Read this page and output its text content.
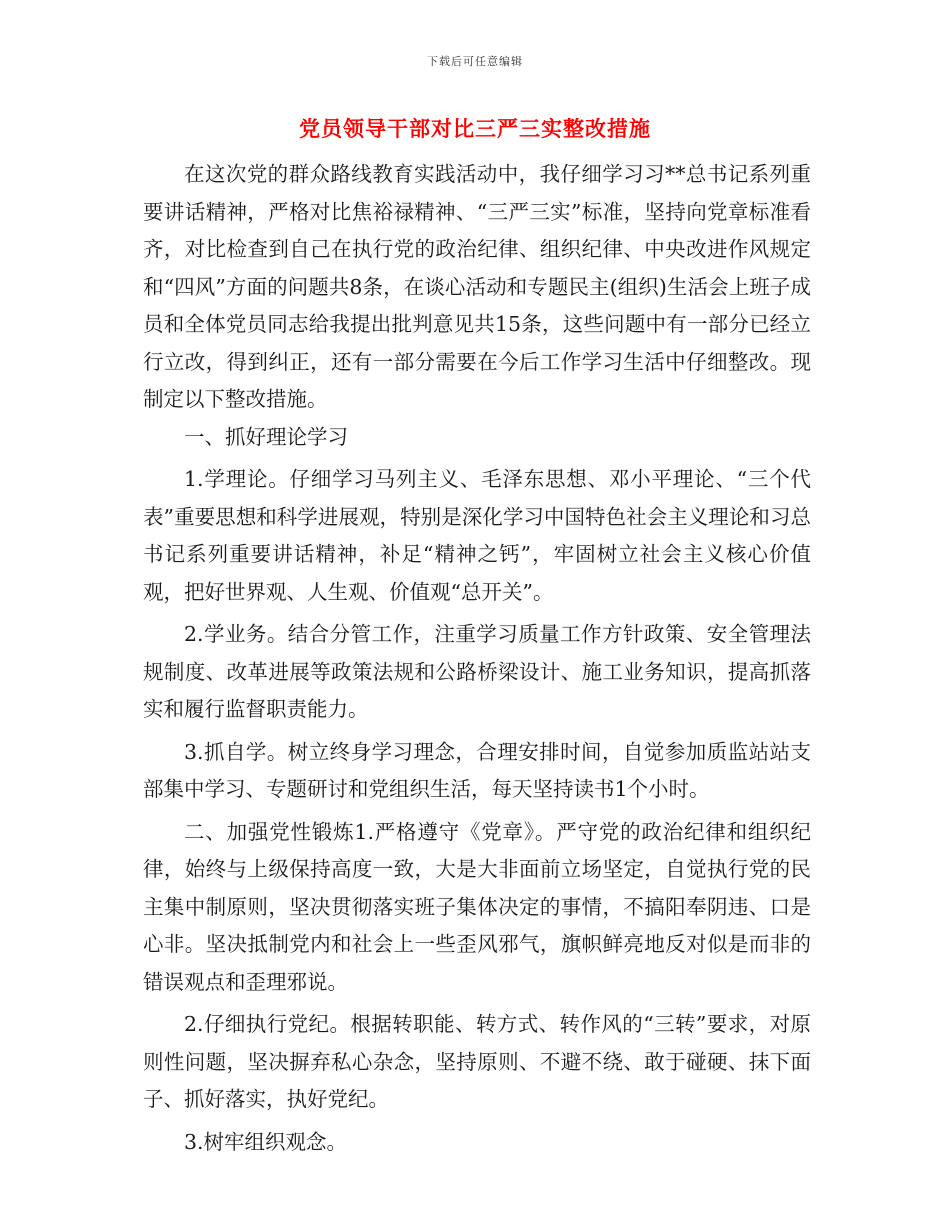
下载后可任意编辑
党员领导干部对比三严三实整改措施

在这次党的群众路线教育实践活动中，我仔细学习习**总书记系列重要讲话精神，严格对比焦裕禄精神、“三严三实”标准，坚持向党章标准看齐，对比检查到自己在执行党的政治纪律、组织纪律、中央改进作风规定和“四风”方面的问题共8条，在谈心活动和专题民主(组织)生活会上班子成员和全体党员同志给我提出批判意见共15条，这些问题中有一部分已经立行立改，得到纠正，还有一部分需要在今后工作学习生活中仔细整改。现制定以下整改措施。

一、抓好理论学习

1.学理论。仔细学习马列主义、毛泽东思想、邓小平理论、“三个代表”重要思想和科学进展观，特别是深化学习中国特色社会主义理论和习总书记系列重要讲话精神，补足“精神之钙”，牢固树立社会主义核心价值观，把好世界观、人生观、价值观“总开关”。

2.学业务。结合分管工作，注重学习质量工作方针政策、安全管理法规制度、改革进展等政策法规和公路桥梁设计、施工业务知识，提高抓落实和履行监督职责能力。

3.抓自学。树立终身学习理念，合理安排时间，自觉参加质监站站支部集中学习、专题研讨和党组织生活，每天坚持读书1个小时。

二、加强党性锻炼1.严格遵守《党章》。严守党的政治纪律和组织纪律，始终与上级保持高度一致，大是大非面前立场坚定，自觉执行党的民主集中制原则，坚决贯彻落实班子集体决定的事情，不搞阳奉阴违、口是心非。坚决抵制党内和社会上一些歪风邪气，旗帜鲜亮地反对似是而非的错误观点和歪理邪说。

2.仔细执行党纪。根据转职能、转方式、转作风的“三转”要求，对原则性问题，坚决摒弃私心杂念，坚持原则、不避不绕、敢于碰硬、抹下面子、抓好落实，执好党纪。

3.树牢组织观念。
